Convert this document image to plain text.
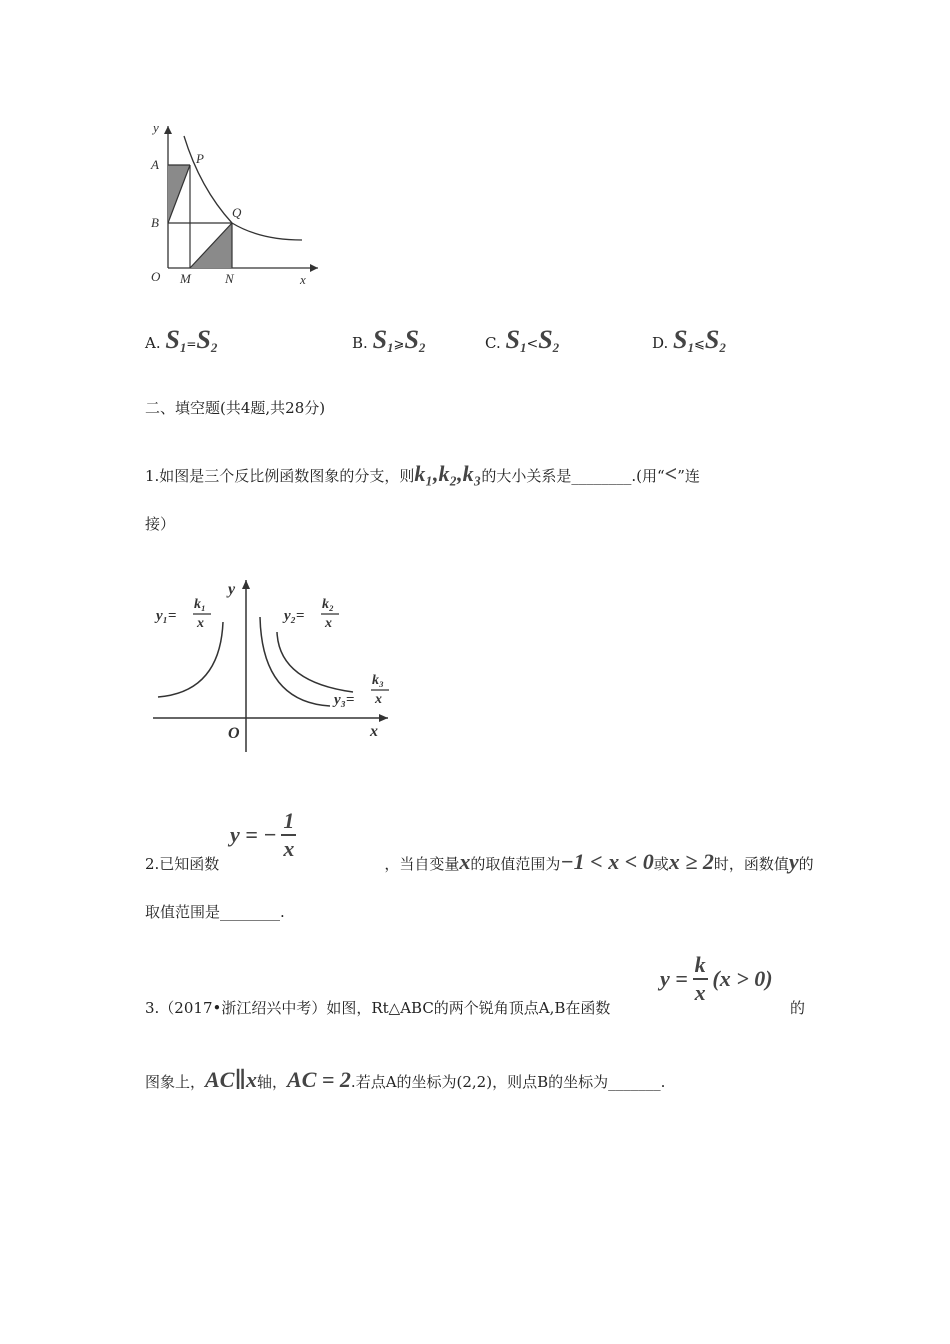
y
x
A	P
B
Q
O M	N
A. S1=S2	B. S1⩾S2	C. S1<S2	D. S1⩽S2
二、填空题(共4题,共28分)
1.如图是三个反比例函数图象的分支，则k₁,k₂,k₃的大小关系是________.(用“<”连
接）
y
x
O
y₁=
k₁
x	y₂=
k₂
x
y₃=
k₃
x
y = − $\frac{1}{x}$
2.已知函数	，当自变量x的取值范围为−1 < x < 0或x ≥ 2时，函数值y的
取值范围是________.
$y = \frac{k}{x} (x > 0)$
3.（2017•浙江绍兴中考）如图，Rt△ABC的两个锐角顶点A,B在函数	的
图象上，AC∥x轴，AC = 2.若点A的坐标为(2,2)，则点B的坐标为_______.
